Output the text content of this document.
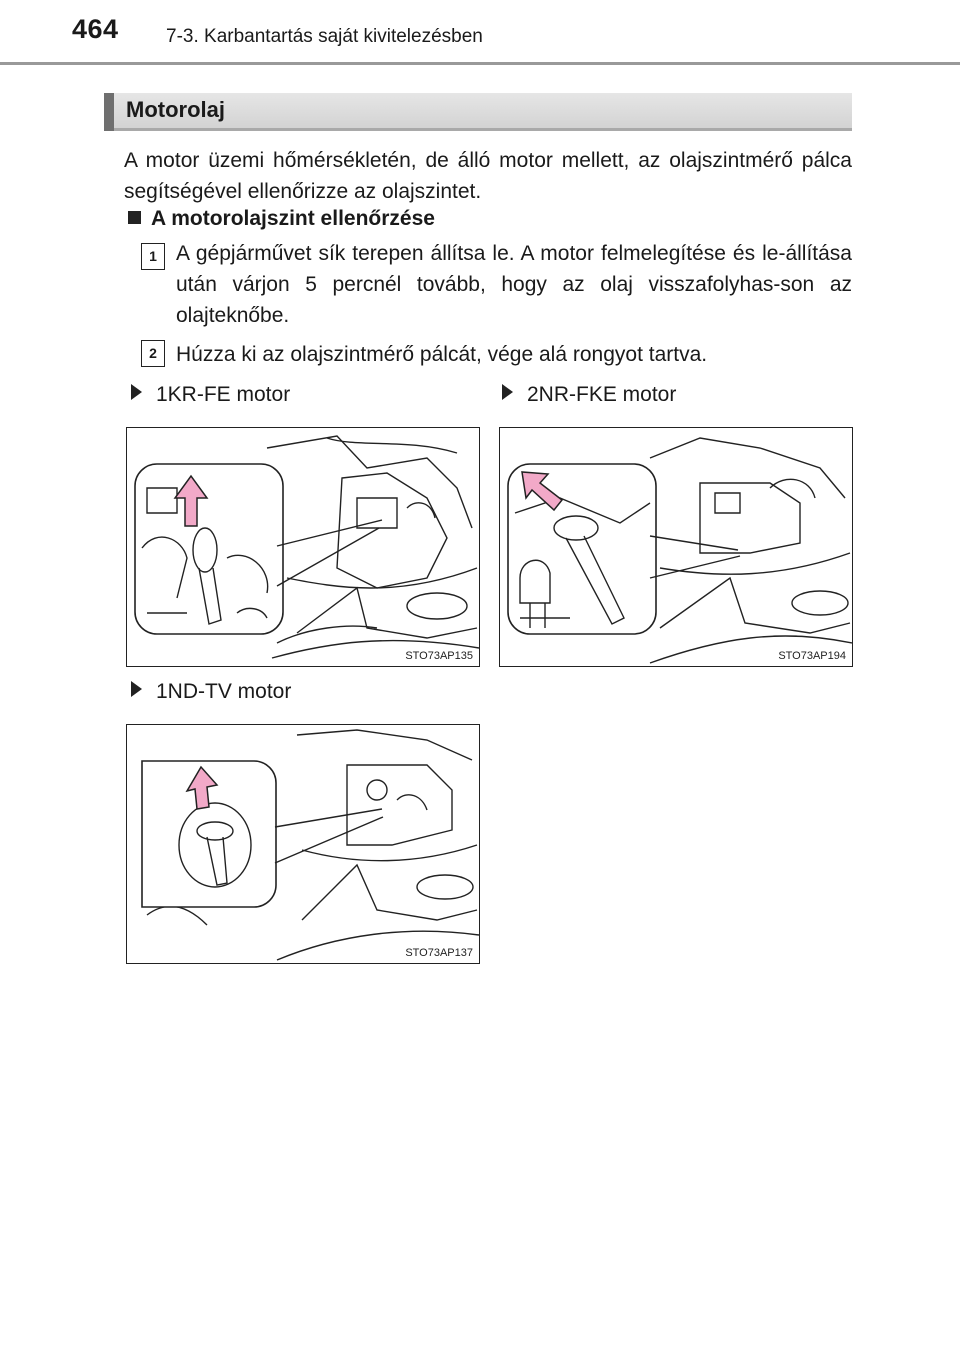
464 7-3. Karbantartás saját kivitelezésben
Motorolaj
A motor üzemi hőmérsékletén, de álló motor mellett, az olajszintmérő pálca segítségével ellenőrizze az olajszintet.
A motorolajszint ellenőrzése
1 A gépjárművet sík terepen állítsa le. A motor felmelegítése és le-állítása után várjon 5 percnél tovább, hogy az olaj visszafolyhas-son az olajteknőbe.
2 Húzza ki az olajszintmérő pálcát, vége alá rongyot tartva.
1KR-FE motor	2NR-FKE motor
STO73AP135	STO73AP194
1ND-TV motor
STO73AP137
